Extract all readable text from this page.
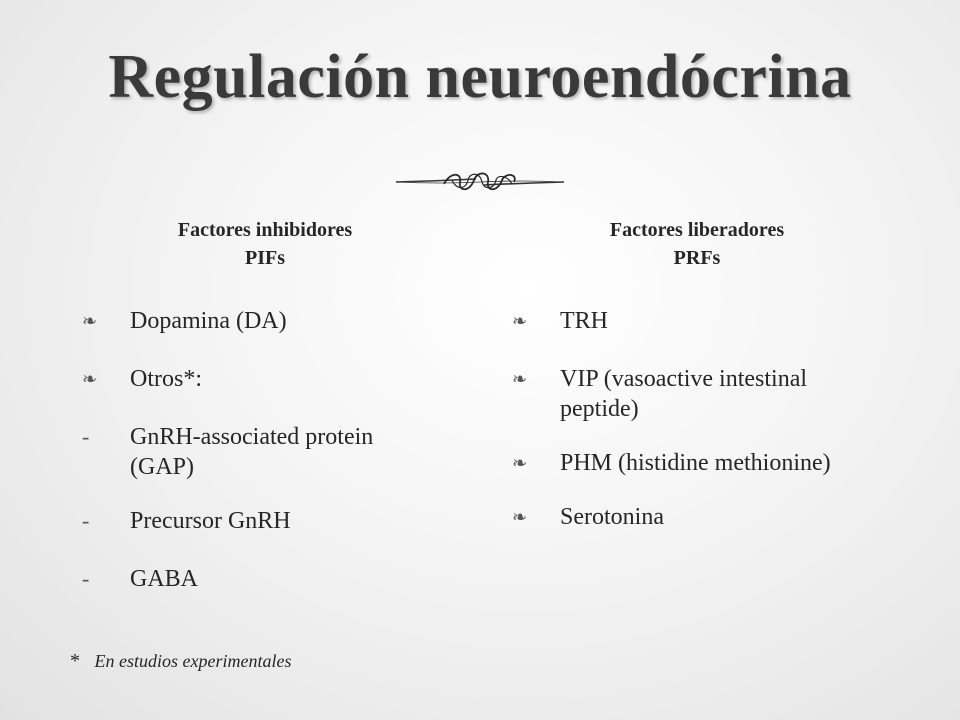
Regulación neuroendócrina
Factores inhibidores
PIFs
Factores liberadores
PRFs
❧	Dopamina (DA)
❧	Otros*:
-	GnRH-associated protein (GAP)
-	Precursor GnRH
-	GABA
❧	TRH
❧	VIP (vasoactive intestinal peptide)
❧	PHM (histidine methionine)
❧	Serotonina
* En estudios experimentales
